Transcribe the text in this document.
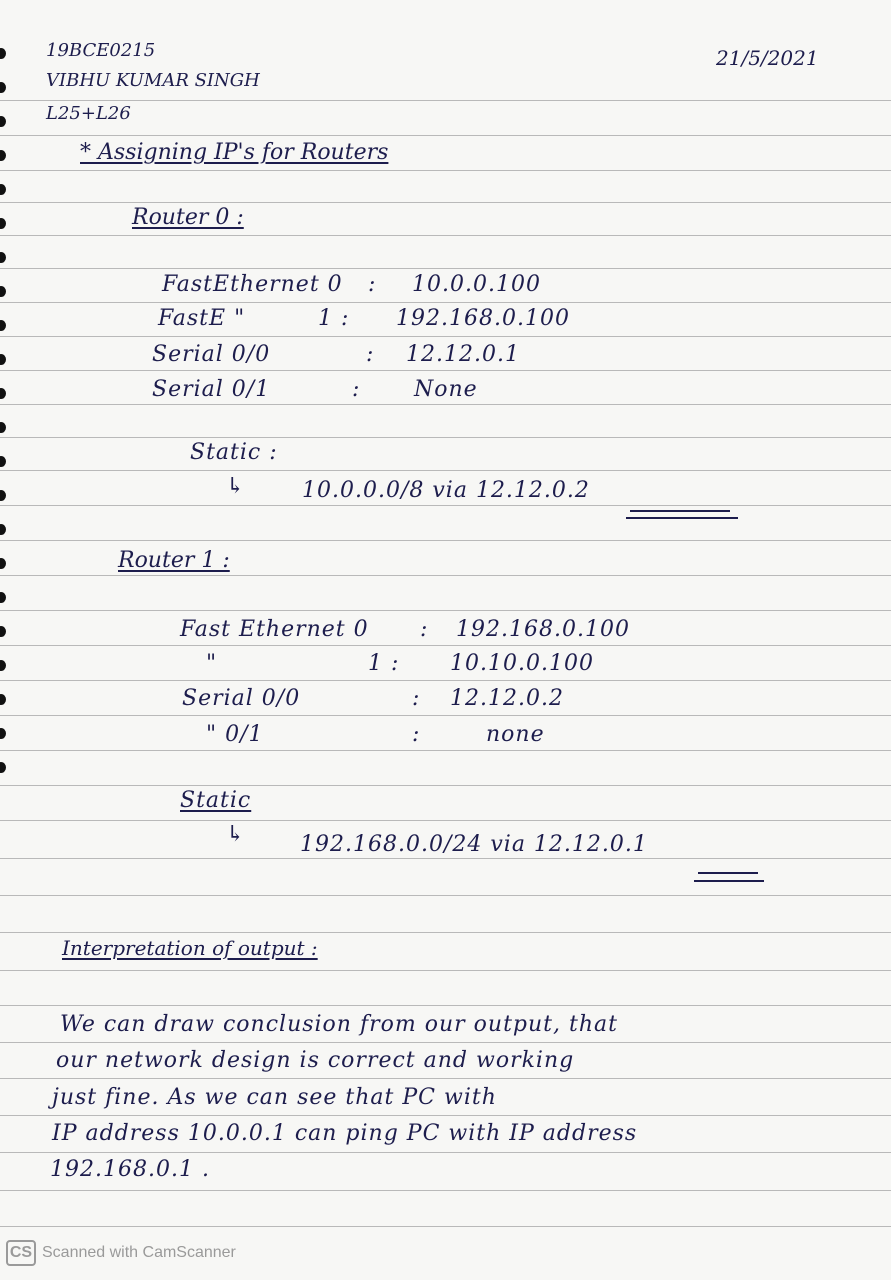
19BCE0215
VIBHU KUMAR SINGH
L25+L26
21/5/2021
* Assigning IP's for Routers
Router 0 :
FastEthernet 0 : 10.0.0.100
FastE "	1 : 192.168.0.100
Serial 0/0	: 12.12.0.1
Serial 0/1	: None
Static :
↳	10.0.0.0/8 via 12.12.0.2
Router 1 :
Fast Ethernet 0 : 192.168.0.100
"	1 : 10.10.0.100
Serial 0/0	: 12.12.0.2
" 0/1	:	none
Static
↳	192.168.0.0/24 via 12.12.0.1
Interpretation of output :
We can draw conclusion from our output, that
our network design is correct and working
just fine. As we can see that PC with
IP address 10.0.0.1 can ping PC with IP address
192.168.0.1 .
CS Scanned with CamScanner
